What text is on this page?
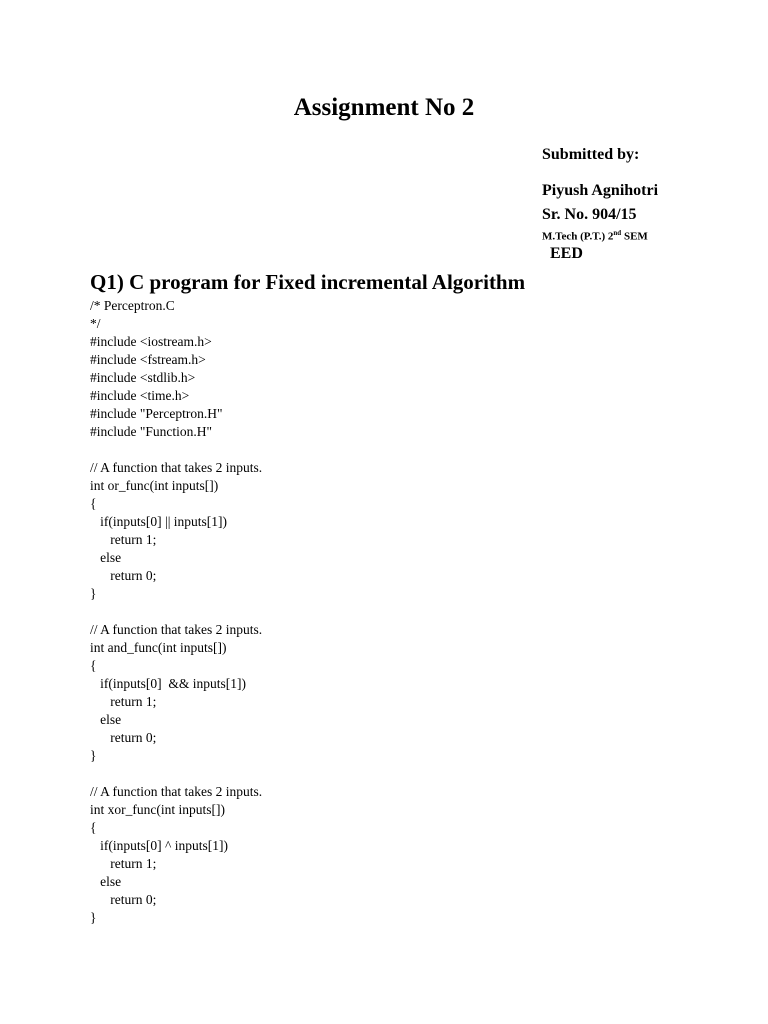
Assignment No 2
Submitted by:
Piyush Agnihotri
Sr. No. 904/15
M.Tech (P.T.) 2nd SEM
EED
Q1) C program for Fixed incremental Algorithm
/* Perceptron.C
*/
#include <iostream.h>
#include <fstream.h>
#include <stdlib.h>
#include <time.h>
#include "Perceptron.H"
#include "Function.H"
// A function that takes 2 inputs.
int or_func(int inputs[])
{
if(inputs[0] || inputs[1])
return 1;
else
return 0;
}
// A function that takes 2 inputs.
int and_func(int inputs[])
{
if(inputs[0]  && inputs[1])
return 1;
else
return 0;
}
// A function that takes 2 inputs.
int xor_func(int inputs[])
{
if(inputs[0] ^ inputs[1])
return 1;
else
return 0;
}
